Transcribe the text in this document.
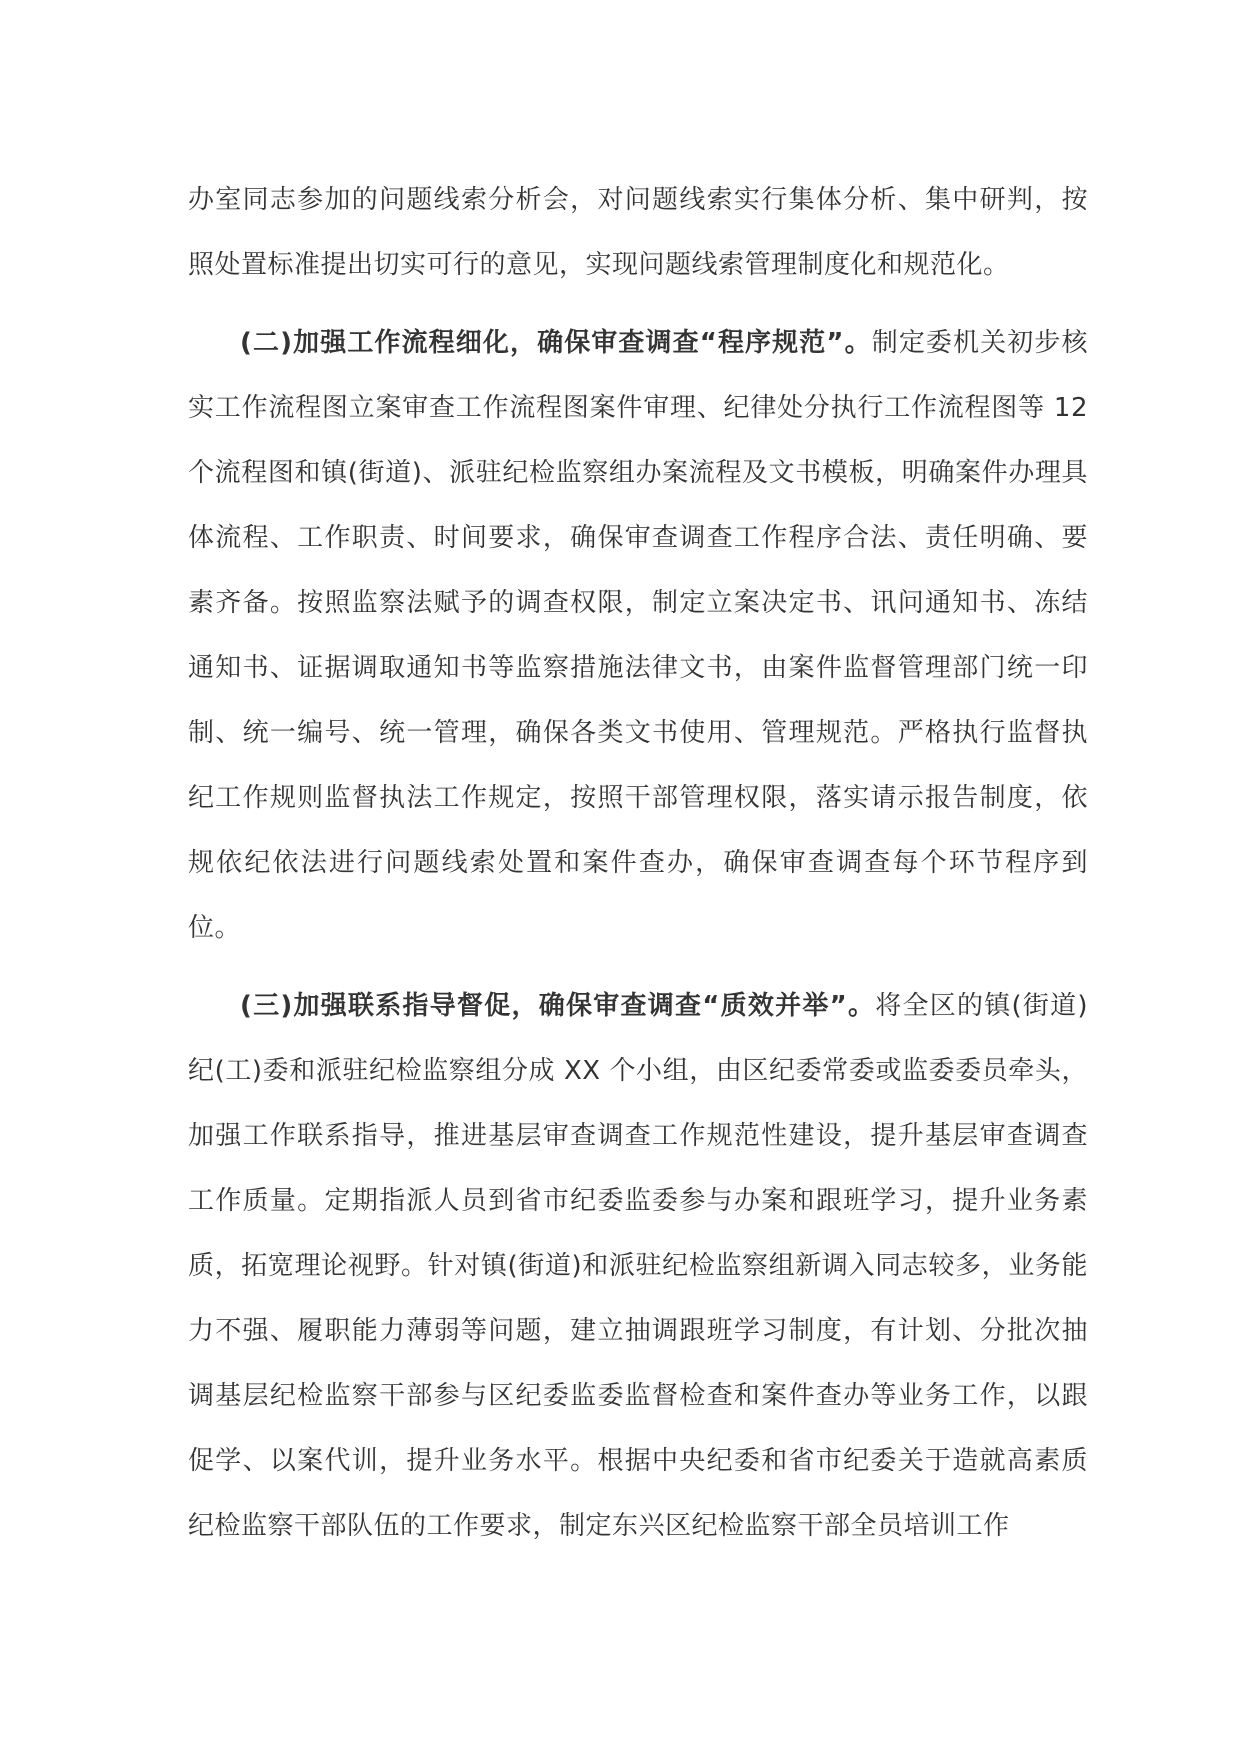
办室同志参加的问题线索分析会，对问题线索实行集体分析、集中研判，按照处置标准提出切实可行的意见，实现问题线索管理制度化和规范化。

(二)加强工作流程细化，确保审查调查“程序规范”。制定委机关初步核实工作流程图立案审查工作流程图案件审理、纪律处分执行工作流程图等 12 个流程图和镇(街道)、派驻纪检监察组办案流程及文书模板，明确案件办理具体流程、工作职责、时间要求，确保审查调查工作程序合法、责任明确、要素齐备。按照监察法赋予的调查权限，制定立案决定书、讯问通知书、冻结通知书、证据调取通知书等监察措施法律文书，由案件监督管理部门统一印制、统一编号、统一管理，确保各类文书使用、管理规范。严格执行监督执纪工作规则监督执法工作规定，按照干部管理权限，落实请示报告制度，依规依纪依法进行问题线索处置和案件查办，确保审查调查每个环节程序到位。

(三)加强联系指导督促，确保审查调查“质效并举”。将全区的镇(街道)纪(工)委和派驻纪检监察组分成 XX 个小组，由区纪委常委或监委委员牵头，加强工作联系指导，推进基层审查调查工作规范性建设，提升基层审查调查工作质量。定期指派人员到省市纪委监委参与办案和跟班学习，提升业务素质，拓宽理论视野。针对镇(街道)和派驻纪检监察组新调入同志较多，业务能力不强、履职能力薄弱等问题，建立抽调跟班学习制度，有计划、分批次抽调基层纪检监察干部参与区纪委监委监督检查和案件查办等业务工作，以跟促学、以案代训，提升业务水平。根据中央纪委和省市纪委关于造就高素质纪检监察干部队伍的工作要求，制定东兴区纪检监察干部全员培训工作
